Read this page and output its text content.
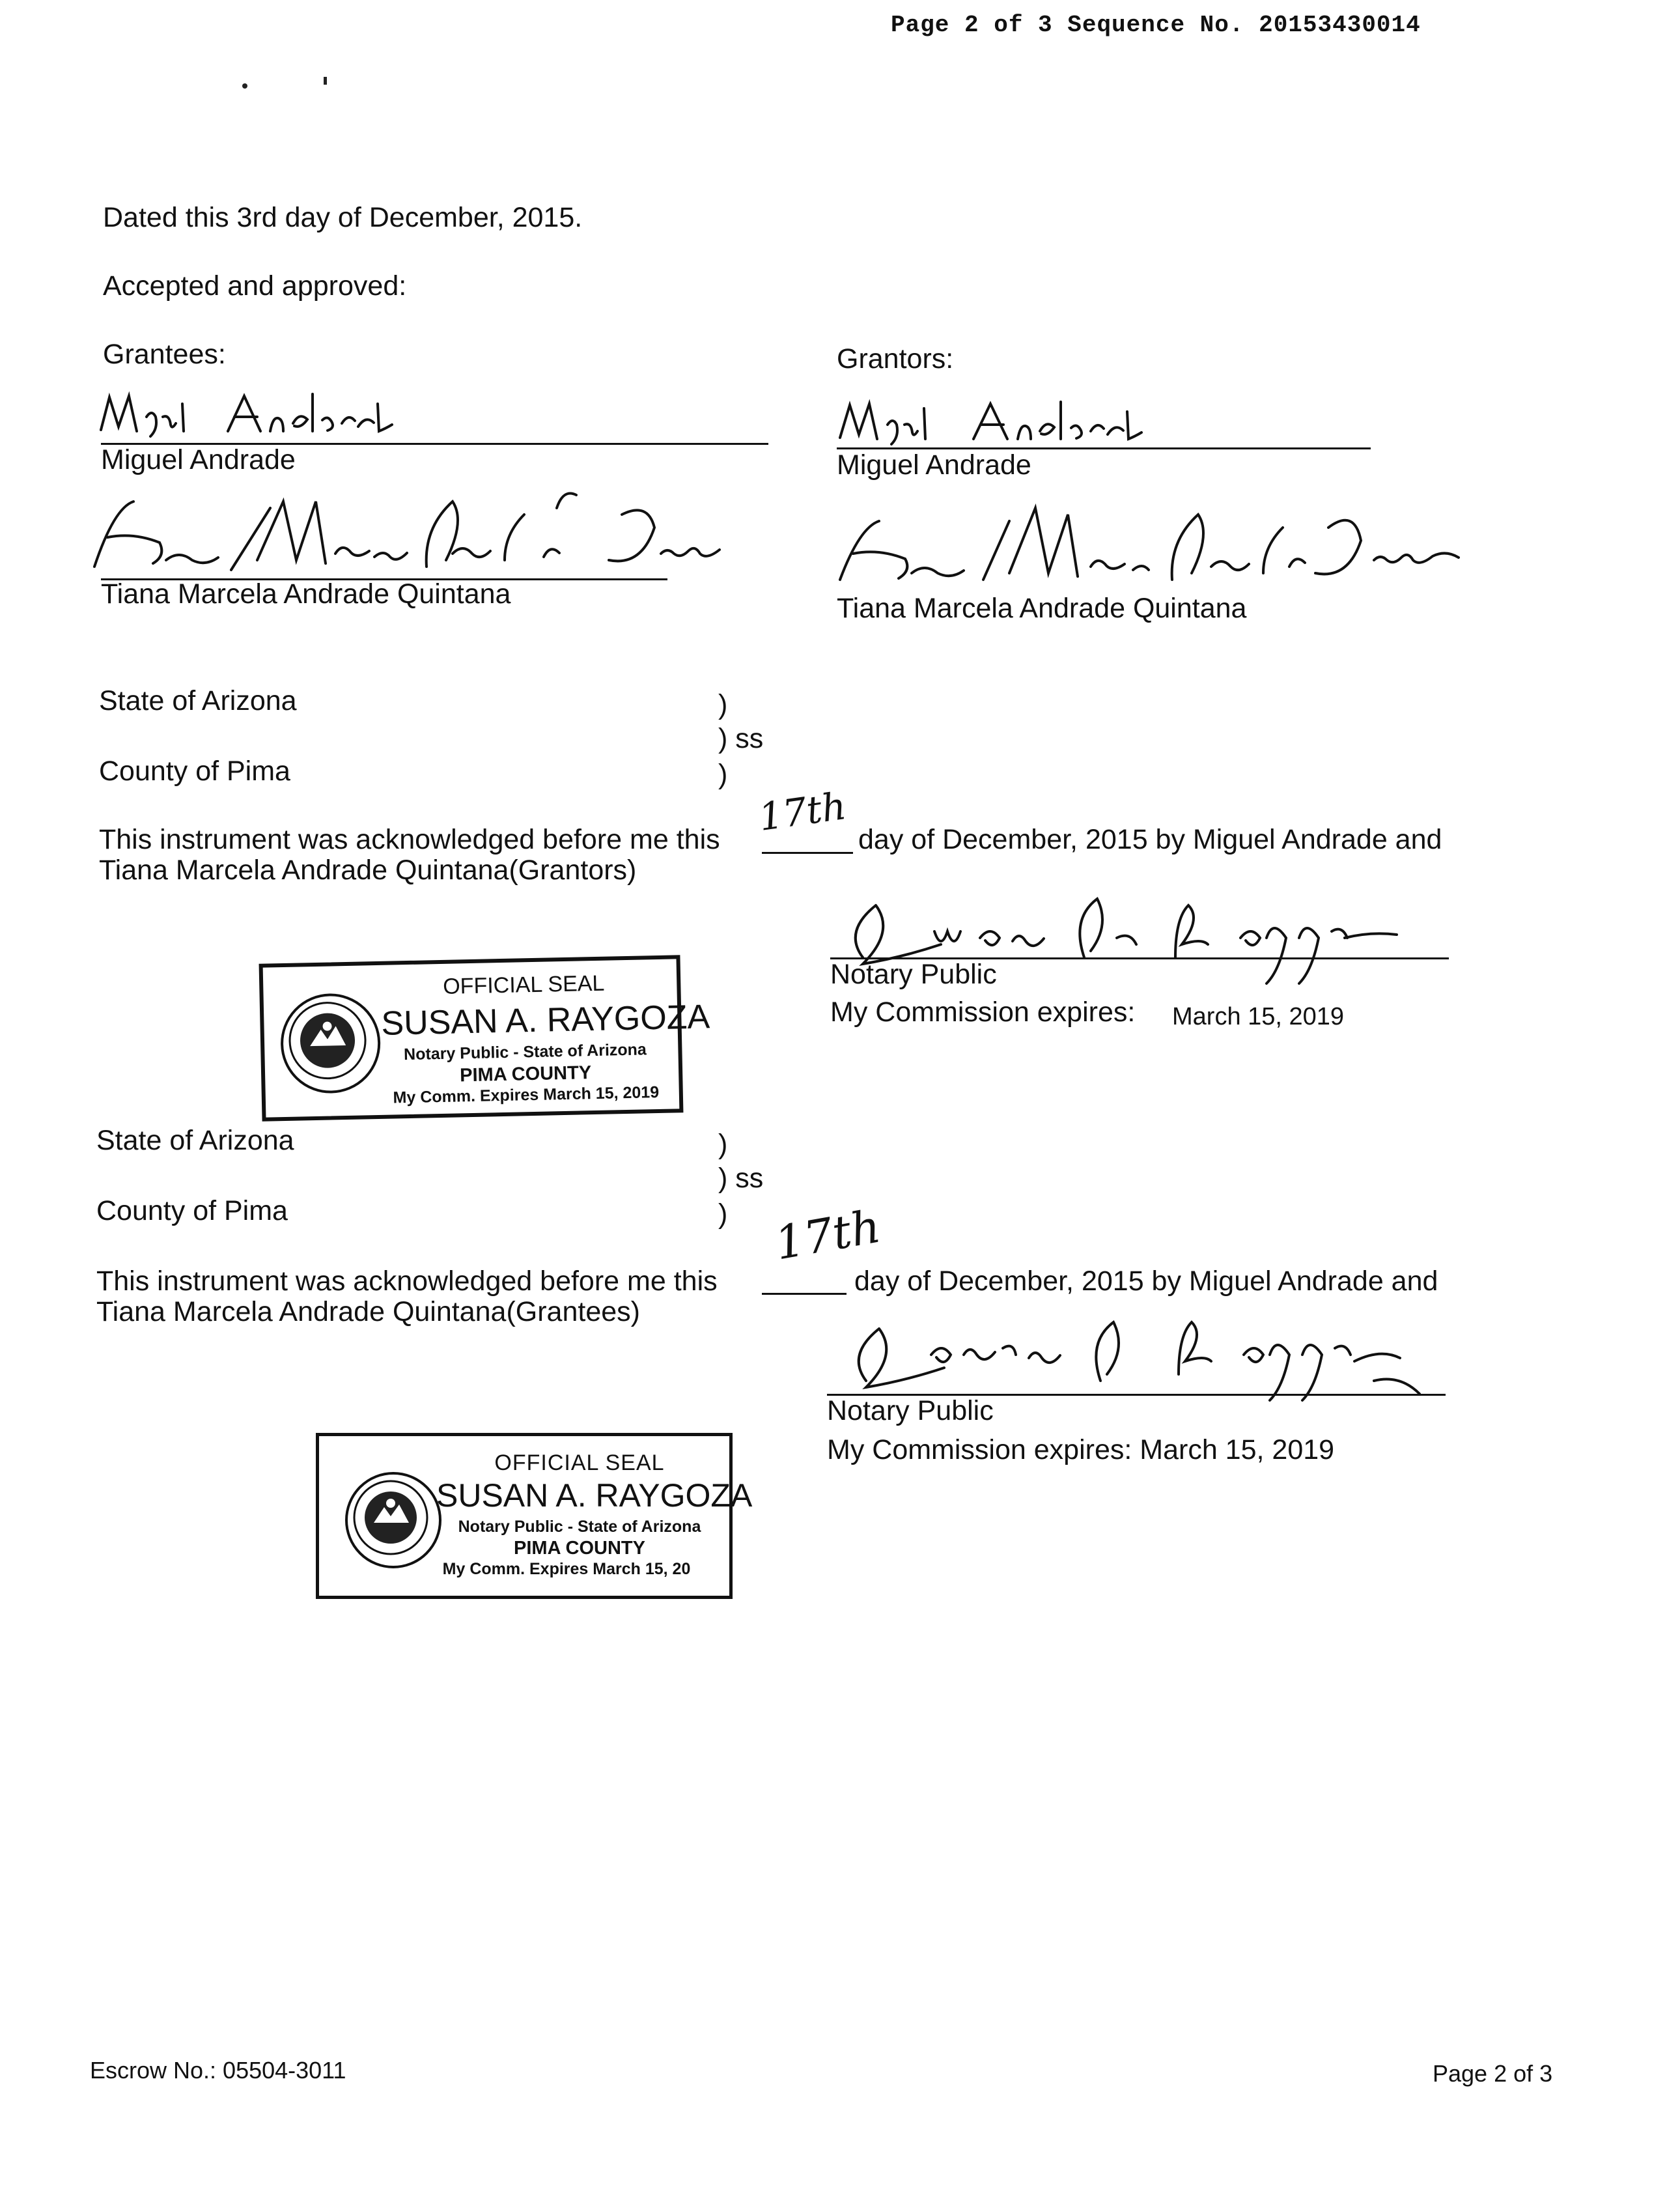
Page 2 of 3 Sequence No. 20153430014
Dated this 3rd day of December, 2015.
Accepted and approved:
Grantees:
Miguel Andrade
Tiana Marcela Andrade Quintana
Grantors:
Miguel Andrade
Tiana Marcela Andrade Quintana
State of Arizona	)
) ss
County of Pima	)
This instrument was acknowledged before me this 17th day of December, 2015 by Miguel Andrade and
Tiana Marcela Andrade Quintana(Grantors)
Notary Public
My Commission expires: March 15, 2019
OFFICIAL SEAL
SUSAN A. RAYGOZA
Notary Public - State of Arizona
PIMA COUNTY
My Comm. Expires March 15, 2019
State of Arizona	)
) ss
County of Pima	)
This instrument was acknowledged before me this
17th
day of December, 2015 by Miguel Andrade and
Tiana Marcela Andrade Quintana(Grantees)
Notary Public
My Commission expires: March 15, 2019
OFFICIAL SEAL
SUSAN A. RAYGOZA
Notary Public - State of Arizona
PIMA COUNTY
My Comm. Expires March 15, 20
Escrow No.: 05504-3011	Page 2 of 3
